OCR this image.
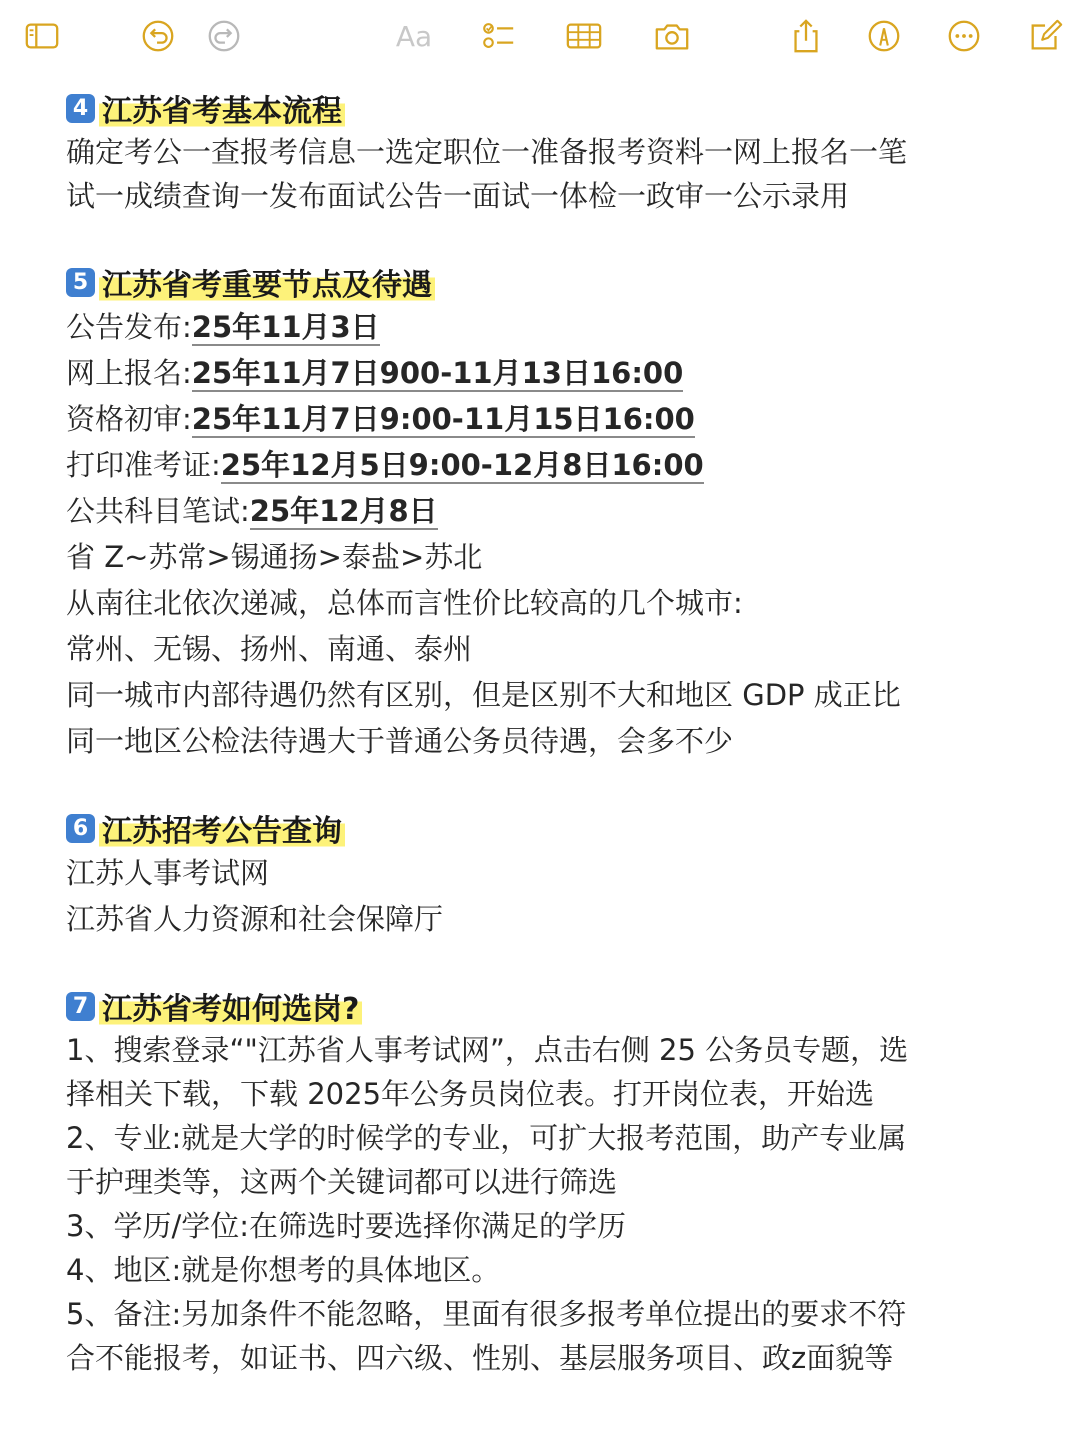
Aa
4 江苏省考基本流程
确定考公一查报考信息一选定职位一准备报考资料一网上报名一笔
试一成绩查询一发布面试公告一面试一体检一政审一公示录用
5 江苏省考重要节点及待遇
公告发布:25年11月3日
网上报名:25年11月7日900-11月13日16:00
资格初审:25年11月7日9:00-11月15日16:00
打印准考证:25年12月5日9:00-12月8日16:00
公共科目笔试:25年12月8日
省 Z~苏常>锡通扬>泰盐>苏北
从南往北依次递减，总体而言性价比较高的几个城市:
常州、无锡、扬州、南通、泰州
同一城市内部待遇仍然有区别，但是区别不大和地区 GDP 成正比
同一地区公检法待遇大于普通公务员待遇，会多不少
6 江苏招考公告查询
江苏人事考试网
江苏省人力资源和社会保障厅
7 江苏省考如何选岗?
1、搜索登录“"江苏省人事考试网”，点击右侧 25 公务员专题，选
择相关下载，下载 2025年公务员岗位表。打开岗位表，开始选
2、专业:就是大学的时候学的专业，可扩大报考范围，助产专业属
于护理类等，这两个关键词都可以进行筛选
3、学历/学位:在筛选时要选择你满足的学历
4、地区:就是你想考的具体地区。
5、备注:另加条件不能忽略，里面有很多报考单位提出的要求不符
合不能报考，如证书、四六级、性别、基层服务项目、政z面貌等
